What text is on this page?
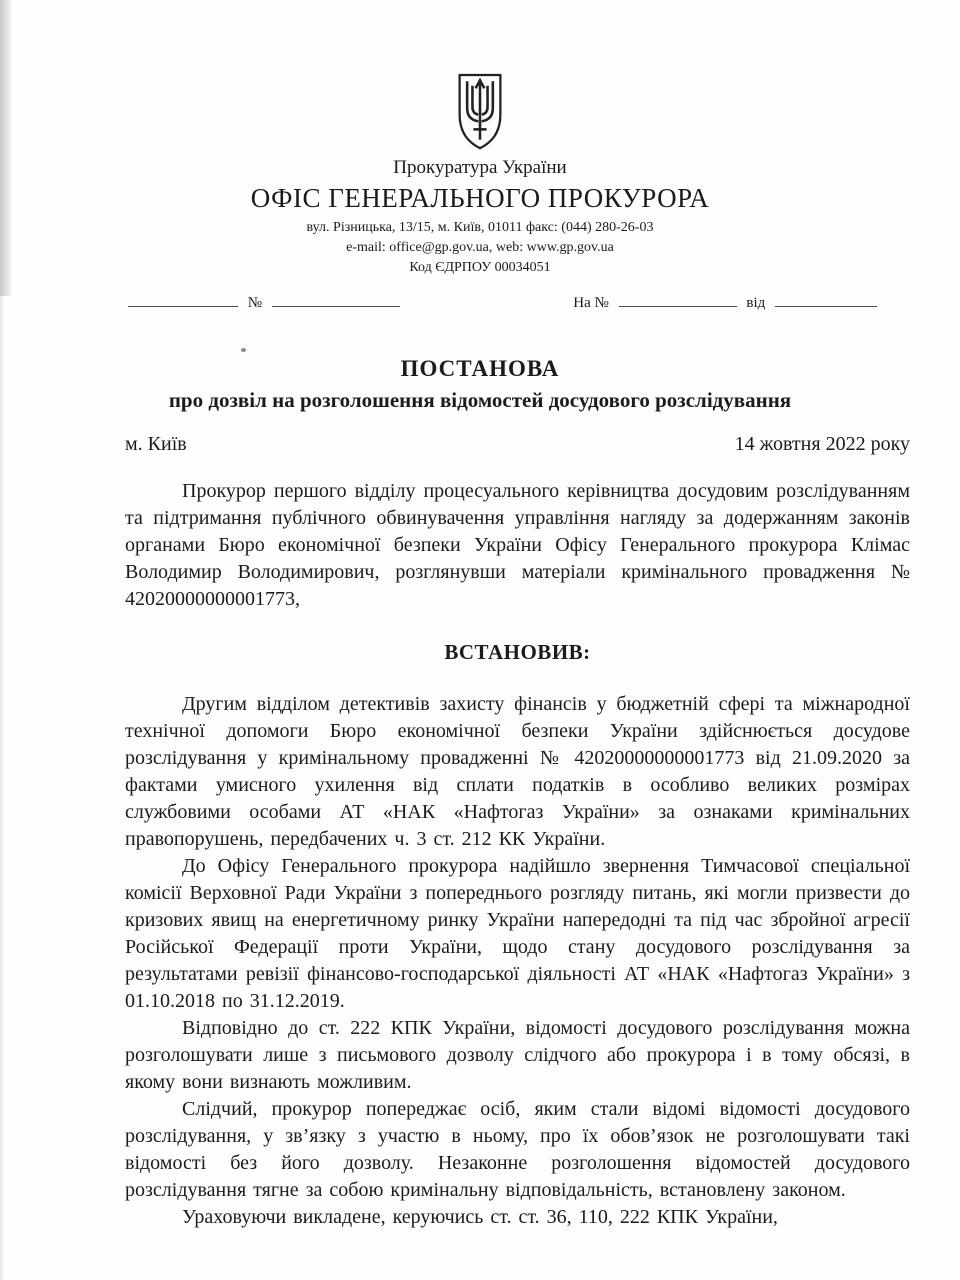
Прокуратура України
ОФІС ГЕНЕРАЛЬНОГО ПРОКУРОРА
вул. Різницька, 13/15, м. Київ, 01011 факс: (044) 280-26-03
e-mail: office@gp.gov.ua, web: www.gp.gov.ua
Код ЄДРПОУ 00034051
№	На №	від
ПОСТАНОВА
про дозвіл на розголошення відомостей досудового розслідування
м. Київ	14 жовтня 2022 року

Прокурор першого відділу процесуального керівництва досудовим розслідуванням та підтримання публічного обвинувачення управління нагляду за додержанням законів органами Бюро економічної безпеки України Офісу Генерального прокурора Клімас Володимир Володимирович, розглянувши матеріали кримінального провадження № 42020000000001773,

ВСТАНОВИВ:

Другим відділом детективів захисту фінансів у бюджетній сфері та міжнародної технічної допомоги Бюро економічної безпеки України здійснюється досудове розслідування у кримінальному провадженні № 42020000000001773 від 21.09.2020 за фактами умисного ухилення від сплати податків в особливо великих розмірах службовими особами АТ «НАК «Нафтогаз України» за ознаками кримінальних правопорушень, передбачених ч. 3 ст. 212 КК України.

До Офісу Генерального прокурора надійшло звернення Тимчасової спеціальної комісії Верховної Ради України з попереднього розгляду питань, які могли призвести до кризових явищ на енергетичному ринку України напередодні та під час збройної агресії Російської Федерації проти України, щодо стану досудового розслідування за результатами ревізії фінансово-господарської діяльності АТ «НАК «Нафтогаз України» з 01.10.2018 по 31.12.2019.

Відповідно до ст. 222 КПК України, відомості досудового розслідування можна розголошувати лише з письмового дозволу слідчого або прокурора і в тому обсязі, в якому вони визнають можливим.

Слідчий, прокурор попереджає осіб, яким стали відомі відомості досудового розслідування, у зв’язку з участю в ньому, про їх обов’язок не розголошувати такі відомості без його дозволу. Незаконне розголошення відомостей досудового розслідування тягне за собою кримінальну відповідальність, встановлену законом.

Ураховуючи викладене, керуючись ст. ст. 36, 110, 222 КПК України,
